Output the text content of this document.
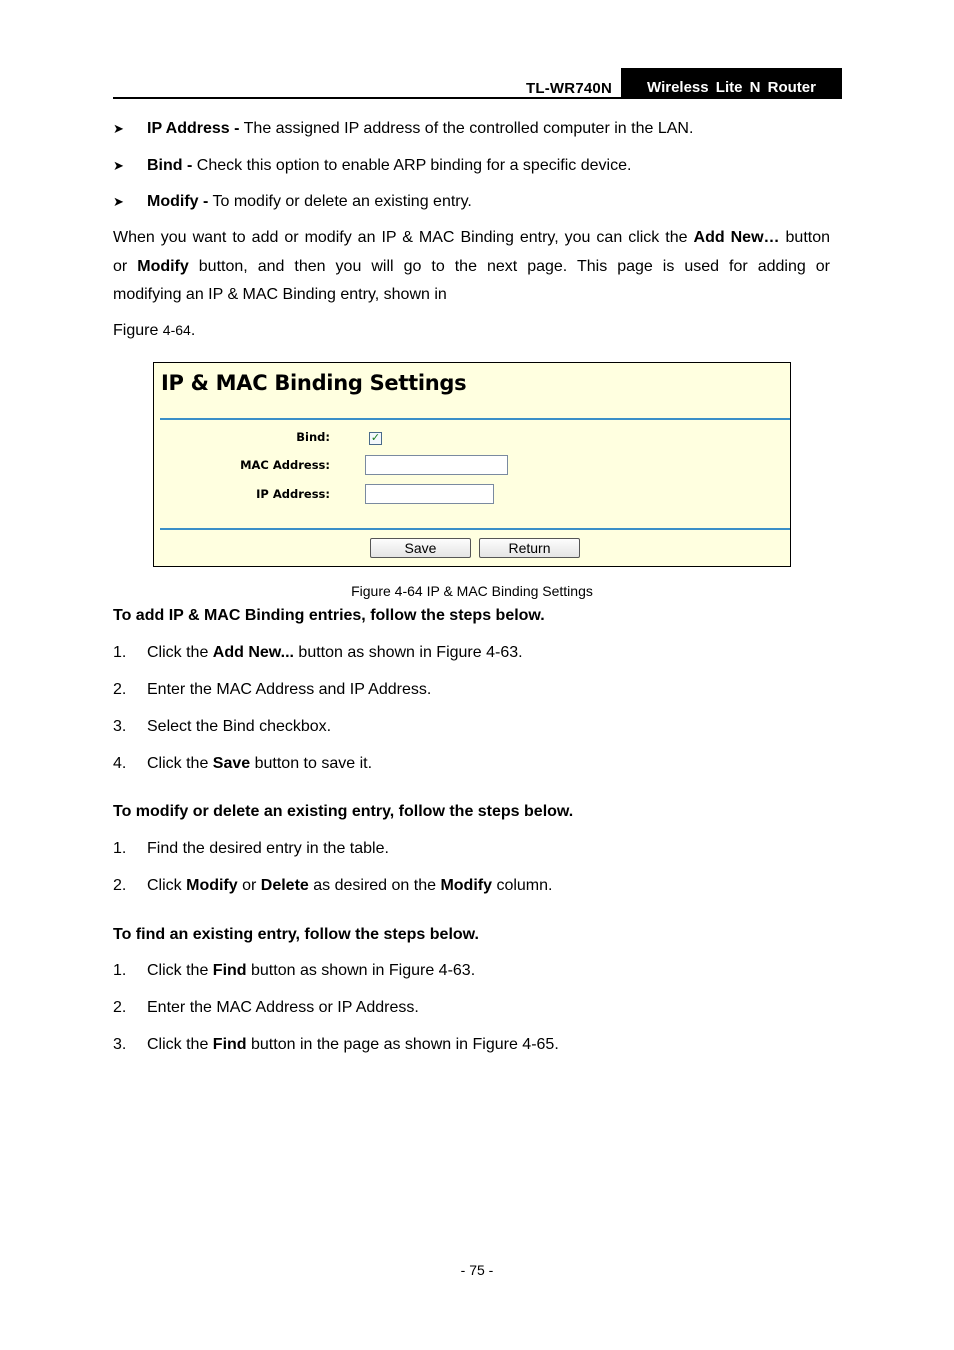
TL-WR740N	Wireless Lite N Router
➤ IP Address - The assigned IP address of the controlled computer in the LAN.
➤ Bind - Check this option to enable ARP binding for a specific device.
➤ Modify - To modify or delete an existing entry.
When you want to add or modify an IP & MAC Binding entry, you can click the Add New… button
or Modify button, and then you will go to the next page. This page is used for adding or
modifying an IP & MAC Binding entry, shown in
Figure 4-64.
IP & MAC Binding Settings
Bind:	✓
MAC Address:
IP Address:
Save	Return
Figure 4-64 IP & MAC Binding Settings
To add IP & MAC Binding entries, follow the steps below.
1. Click the Add New... button as shown in Figure 4-63.
2. Enter the MAC Address and IP Address.
3. Select the Bind checkbox.
4. Click the Save button to save it.
To modify or delete an existing entry, follow the steps below.
1. Find the desired entry in the table.
2. Click Modify or Delete as desired on the Modify column.
To find an existing entry, follow the steps below.
1. Click the Find button as shown in Figure 4-63.
2. Enter the MAC Address or IP Address.
3. Click the Find button in the page as shown in Figure 4-65.
- 75 -
